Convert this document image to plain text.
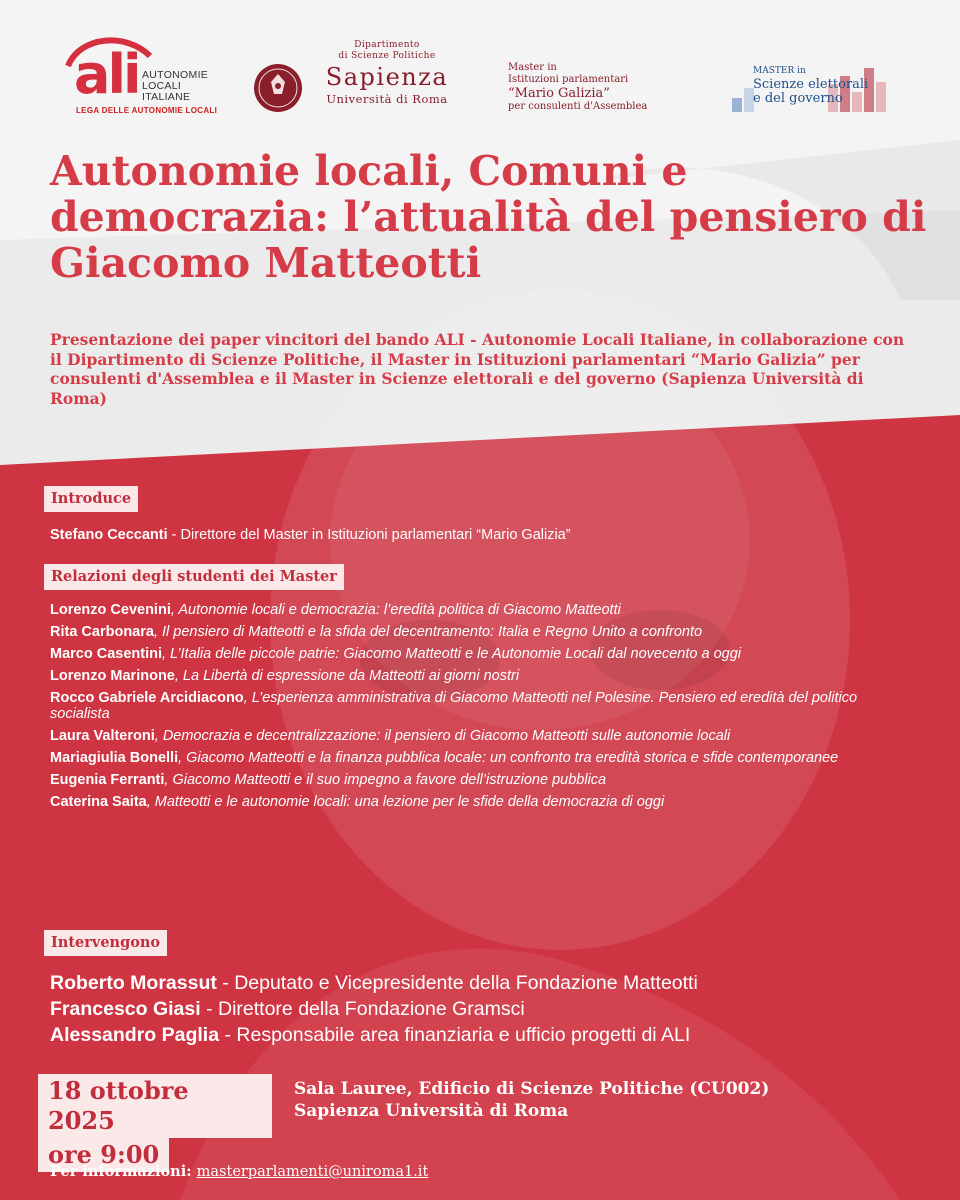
ali AUTONOMIE
LOCALI
ITALIANE
LEGA DELLE AUTONOMIE LOCALI
Dipartimento
di Scienze Politiche
Sapienza
Università di Roma
Master in
Istituzioni parlamentari
“Mario Galizia”
per consulenti d'Assemblea
MASTER in
Scienze elettorali
e del governo
Autonomie locali, Comuni e democrazia: l’attualità del pensiero di Giacomo Matteotti

Presentazione dei paper vincitori del bando ALI - Autonomie Locali Italiane, in collaborazione con il Dipartimento di Scienze Politiche, il Master in Istituzioni parlamentari “Mario Galizia” per consulenti d'Assemblea e il Master in Scienze elettorali e del governo (Sapienza Università di Roma)

Introduce

Stefano Ceccanti - Direttore del Master in Istituzioni parlamentari “Mario Galizia”

Relazioni degli studenti dei Master

Lorenzo Cevenini, Autonomie locali e democrazia: l’eredità politica di Giacomo Matteotti

Rita Carbonara, Il pensiero di Matteotti e la sfida del decentramento: Italia e Regno Unito a confronto

Marco Casentini, L’Italia delle piccole patrie: Giacomo Matteotti e le Autonomie Locali dal novecento a oggi

Lorenzo Marinone, La Libertà di espressione da Matteotti ai giorni nostri

Rocco Gabriele Arcidiacono, L’esperienza amministrativa di Giacomo Matteotti nel Polesine. Pensiero ed eredità del politico socialista

Laura Valteroni, Democrazia e decentralizzazione: il pensiero di Giacomo Matteotti sulle autonomie locali

Mariagiulia Bonelli, Giacomo Matteotti e la finanza pubblica locale: un confronto tra eredità storica e sfide contemporanee

Eugenia Ferranti, Giacomo Matteotti e il suo impegno a favore dell’istruzione pubblica

Caterina Saita, Matteotti e le autonomie locali: una lezione per le sfide della democrazia di oggi

Intervengono
Roberto Morassut - Deputato e Vicepresidente della Fondazione Matteotti
Francesco Giasi - Direttore della Fondazione Gramsci
Alessandro Paglia - Responsabile area finanziaria e ufficio progetti di ALI
18 ottobre 2025
ore 9:00
Sala Lauree, Edificio di Scienze Politiche (CU002)
Sapienza Università di Roma
Per informazioni: masterparlamenti@uniroma1.it
